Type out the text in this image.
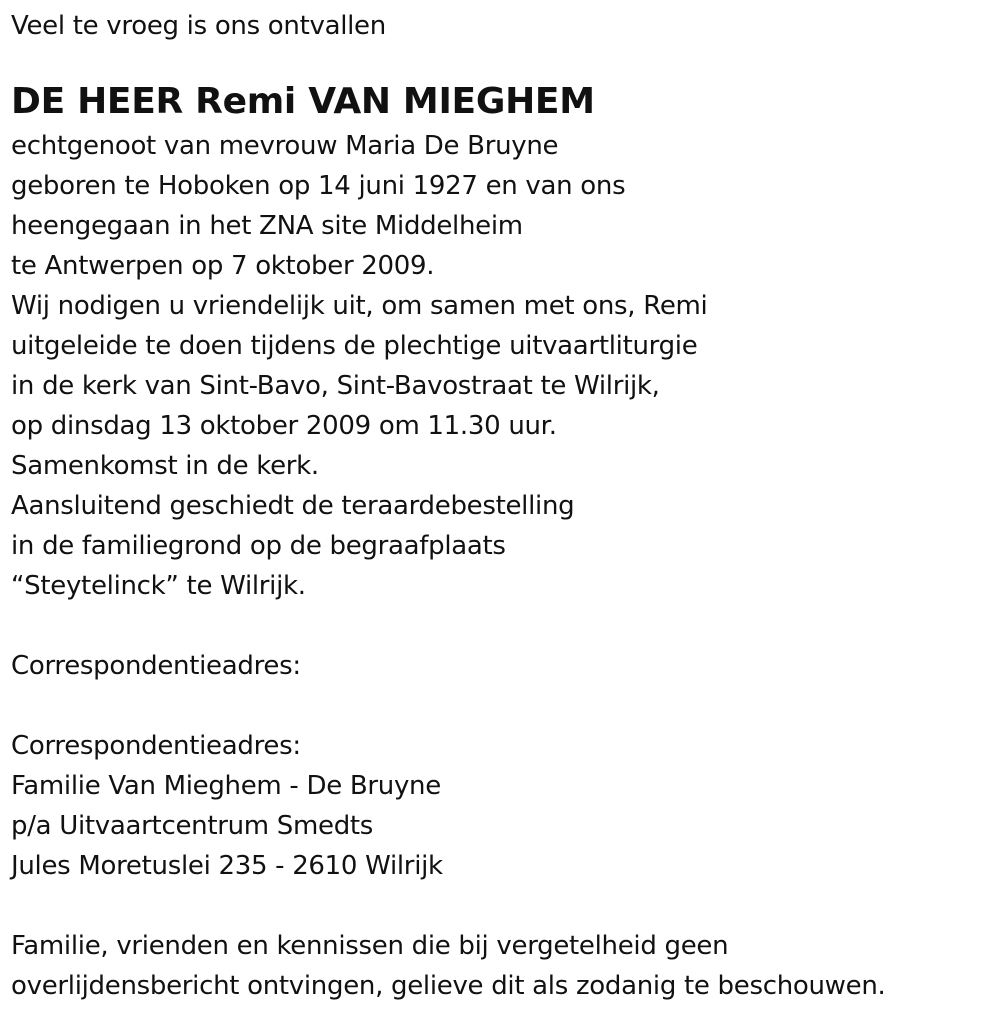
Veel te vroeg is ons ontvallen
DE HEER Remi VAN MIEGHEM
echtgenoot van mevrouw Maria De Bruyne
geboren te Hoboken op 14 juni 1927 en van ons
heengegaan in het ZNA site Middelheim
te Antwerpen op 7 oktober 2009.
Wij nodigen u vriendelijk uit, om samen met ons, Remi
uitgeleide te doen tijdens de plechtige uitvaartliturgie
in de kerk van Sint-Bavo, Sint-Bavostraat te Wilrijk,
op dinsdag 13 oktober 2009 om 11.30 uur.
Samenkomst in de kerk.
Aansluitend geschiedt de teraardebestelling
in de familiegrond op de begraafplaats
“Steytelinck” te Wilrijk.
Correspondentieadres:
Correspondentieadres:
Familie Van Mieghem - De Bruyne
p/a Uitvaartcentrum Smedts
Jules Moretuslei 235 - 2610 Wilrijk
Familie, vrienden en kennissen die bij vergetelheid geen
overlijdensbericht ontvingen, gelieve dit als zodanig te beschouwen.
